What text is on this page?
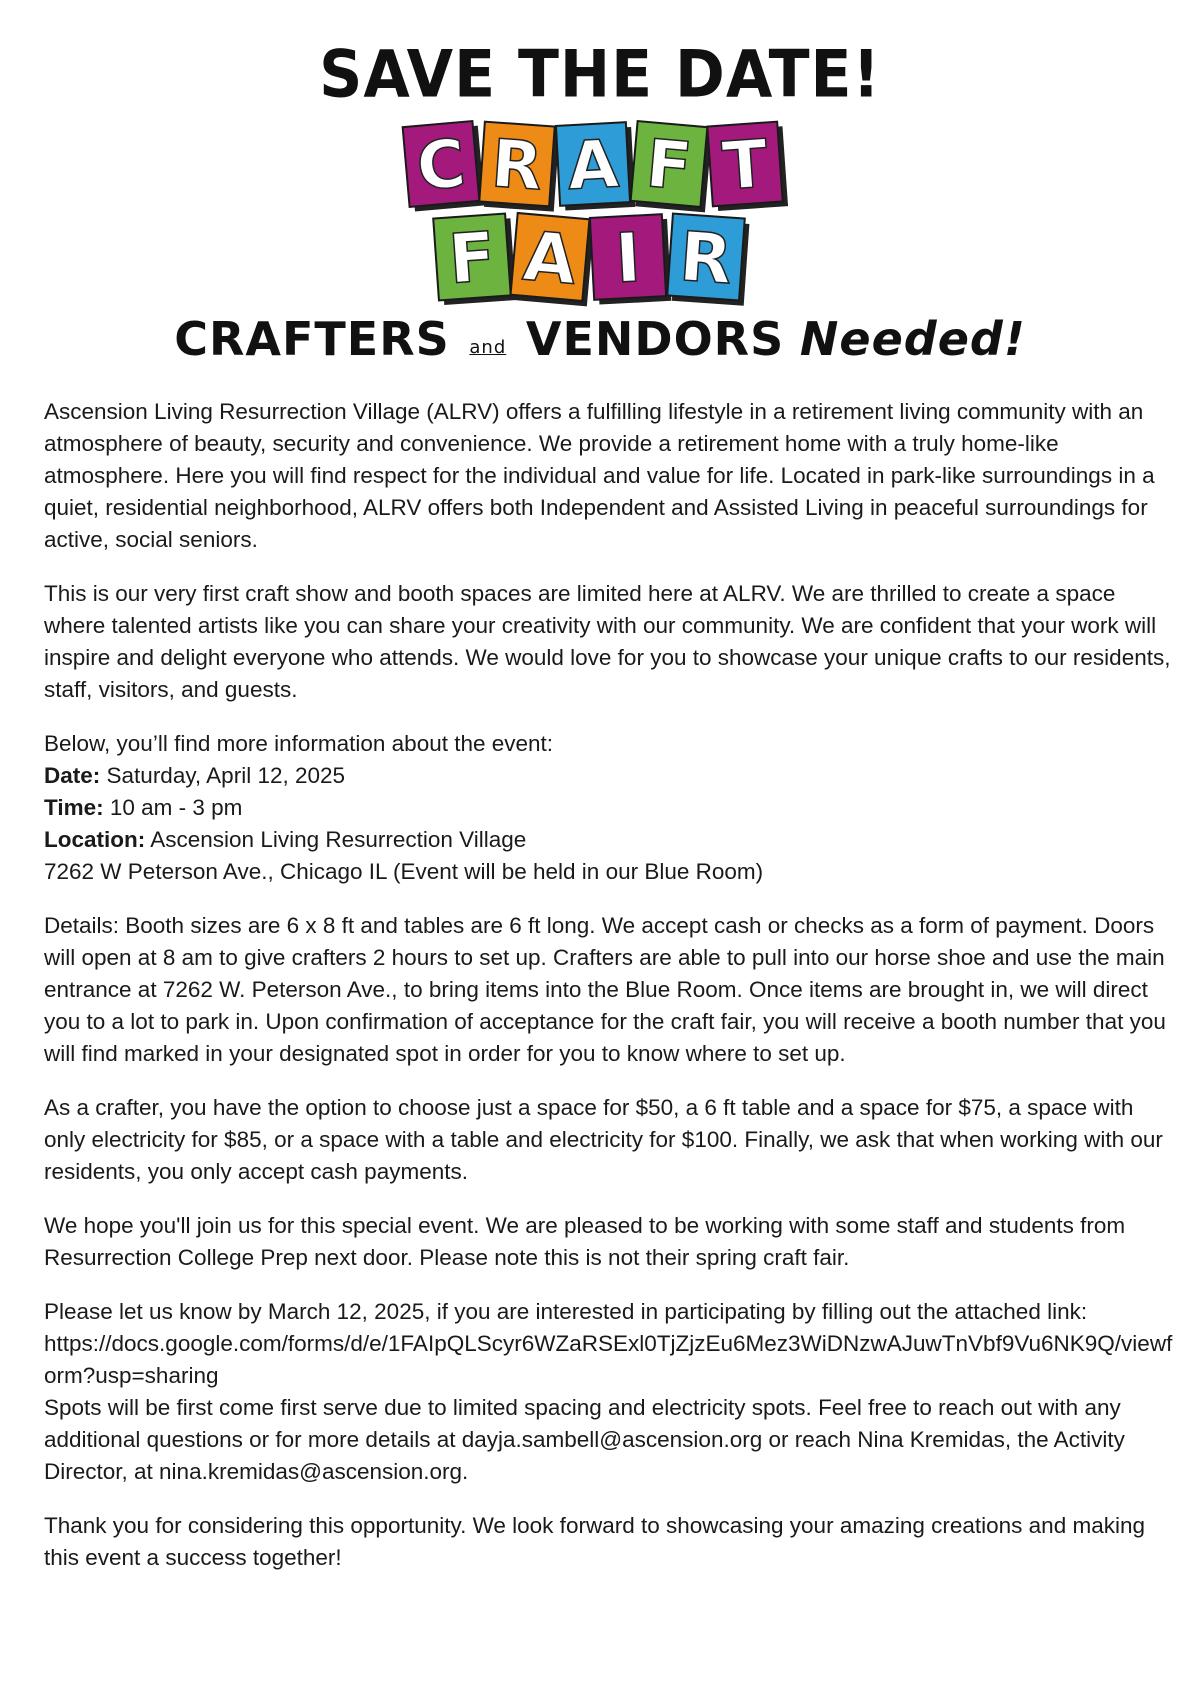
SAVE THE DATE!
C R A F T
F A I R
CRAFTERS and VENDORS Needed!

Ascension Living Resurrection Village (ALRV) offers a fulfilling lifestyle in a retirement living community with an atmosphere of beauty, security and convenience. We provide a retirement home with a truly home-like atmosphere. Here you will find respect for the individual and value for life. Located in park-like surroundings in a quiet, residential neighborhood, ALRV offers both Independent and Assisted Living in peaceful surroundings for active, social seniors.

This is our very first craft show and booth spaces are limited here at ALRV. We are thrilled to create a space where talented artists like you can share your creativity with our community. We are confident that your work will inspire and delight everyone who attends. We would love for you to showcase your unique crafts to our residents, staff, visitors, and guests.

Below, you’ll find more information about the event:
Date: Saturday, April 12, 2025
Time: 10 am - 3 pm
Location: Ascension Living Resurrection Village
7262 W Peterson Ave., Chicago IL (Event will be held in our Blue Room)

Details: Booth sizes are 6 x 8 ft and tables are 6 ft long. We accept cash or checks as a form of payment. Doors will open at 8 am to give crafters 2 hours to set up. Crafters are able to pull into our horse shoe and use the main entrance at 7262 W. Peterson Ave., to bring items into the Blue Room. Once items are brought in, we will direct you to a lot to park in. Upon confirmation of acceptance for the craft fair, you will receive a booth number that you will find marked in your designated spot in order for you to know where to set up.

As a crafter, you have the option to choose just a space for $50, a 6 ft table and a space for $75, a space with only electricity for $85, or a space with a table and electricity for $100. Finally, we ask that when working with our residents, you only accept cash payments.

We hope you'll join us for this special event. We are pleased to be working with some staff and students from Resurrection College Prep next door. Please note this is not their spring craft fair.

Please let us know by March 12, 2025, if you are interested in participating by filling out the attached link:
https://docs.google.com/forms/d/e/1FAIpQLScyr6WZaRSExl0TjZjzEu6Mez3WiDNzwAJuwTnVbf9Vu6NK9Q/viewform?usp=sharing
Spots will be first come first serve due to limited spacing and electricity spots. Feel free to reach out with any additional questions or for more details at dayja.sambell@ascension.org or reach Nina Kremidas, the Activity Director, at nina.kremidas@ascension.org.

Thank you for considering this opportunity. We look forward to showcasing your amazing creations and making this event a success together!
